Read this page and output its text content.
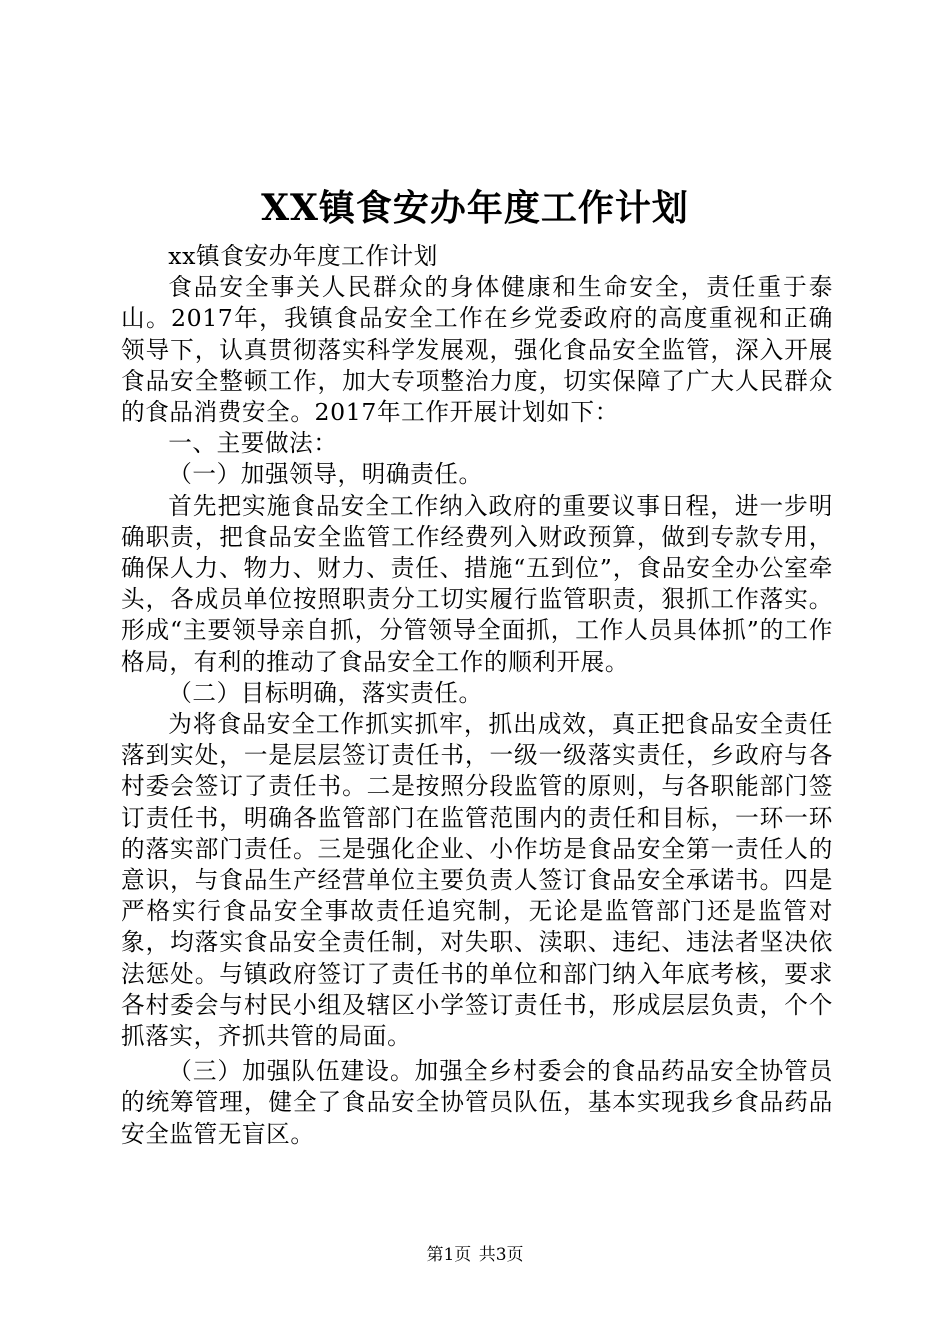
XX镇食安办年度工作计划

xx镇食安办年度工作计划

食品安全事关人民群众的身体健康和生命安全，责任重于泰山。2017年，我镇食品安全工作在乡党委政府的高度重视和正确领导下，认真贯彻落实科学发展观，强化食品安全监管，深入开展食品安全整顿工作，加大专项整治力度，切实保障了广大人民群众的食品消费安全。2017年工作开展计划如下：

一、主要做法：

（一）加强领导，明确责任。

首先把实施食品安全工作纳入政府的重要议事日程，进一步明确职责，把食品安全监管工作经费列入财政预算，做到专款专用，确保人力、物力、财力、责任、措施“五到位”，食品安全办公室牵头，各成员单位按照职责分工切实履行监管职责，狠抓工作落实。形成“主要领导亲自抓，分管领导全面抓，工作人员具体抓”的工作格局，有利的推动了食品安全工作的顺利开展。

（二）目标明确，落实责任。

为将食品安全工作抓实抓牢，抓出成效，真正把食品安全责任落到实处，一是层层签订责任书，一级一级落实责任，乡政府与各村委会签订了责任书。二是按照分段监管的原则，与各职能部门签订责任书，明确各监管部门在监管范围内的责任和目标，一环一环的落实部门责任。三是强化企业、小作坊是食品安全第一责任人的意识，与食品生产经营单位主要负责人签订食品安全承诺书。四是严格实行食品安全事故责任追究制，无论是监管部门还是监管对象，均落实食品安全责任制，对失职、渎职、违纪、违法者坚决依法惩处。与镇政府签订了责任书的单位和部门纳入年底考核，要求各村委会与村民小组及辖区小学签订责任书，形成层层负责，个个抓落实，齐抓共管的局面。

（三）加强队伍建设。加强全乡村委会的食品药品安全协管员的统筹管理，健全了食品安全协管员队伍，基本实现我乡食品药品安全监管无盲区。

第1页 共3页
